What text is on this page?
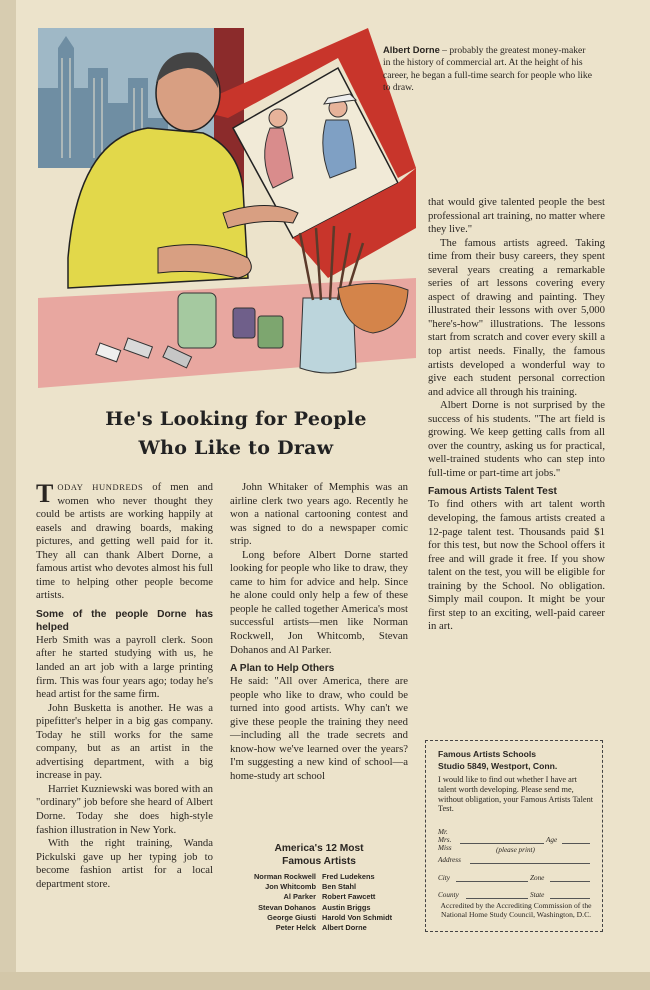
Albert Dorne – probably the greatest money-maker in the history of commercial art. At the height of his career, he began a full-time search for people who like to draw.
He's Looking for People
Who Like to Draw

TODAY HUNDREDS of men and women who never thought they could be artists are working happily at easels and drawing boards, making pictures, and getting well paid for it. They all can thank Albert Dorne, a famous artist who devotes almost his full time to helping other people become artists.

Some of the people Dorne has helped

Herb Smith was a payroll clerk. Soon after he started studying with us, he landed an art job with a large printing firm. This was four years ago; today he's head artist for the same firm.

John Busketta is another. He was a pipefitter's helper in a big gas company. Today he still works for the same company, but as an artist in the advertising department, with a big increase in pay.

Harriet Kuzniewski was bored with an "ordinary" job before she heard of Albert Dorne. Today she does high-style fashion illustration in New York.

With the right training, Wanda Pickulski gave up her typing job to become fashion artist for a local department store.

John Whitaker of Memphis was an airline clerk two years ago. Recently he won a national cartooning contest and was signed to do a newspaper comic strip.

Long before Albert Dorne started looking for people who like to draw, they came to him for advice and help. Since he alone could only help a few of these people he called together America's most successful artists—men like Norman Rockwell, Jon Whitcomb, Stevan Dohanos and Al Parker.

A Plan to Help Others

He said: "All over America, there are people who like to draw, who could be turned into good artists. Why can't we give these people the training they need—including all the trade secrets and know-how we've learned over the years? I'm suggesting a new kind of school—a home-study art school

America's 12 Most
Famous Artists
Norman Rockwell Fred Ludekens
Jon Whitcomb Ben Stahl
Al Parker Robert Fawcett
Stevan Dohanos Austin Briggs
George Giusti Harold Von Schmidt
Peter Helck Albert Dorne

that would give talented people the best professional art training, no matter where they live."

The famous artists agreed. Taking time from their busy careers, they spent several years creating a remarkable series of art lessons covering every aspect of drawing and painting. They illustrated their lessons with over 5,000 "here's-how" illustrations. The lessons start from scratch and cover every skill a top artist needs. Finally, the famous artists developed a wonderful way to give each student personal correction and advice all through his training.

Albert Dorne is not surprised by the success of his students. "The art field is growing. We keep getting calls from all over the country, asking us for practical, well-trained students who can step into full-time or part-time art jobs."

Famous Artists Talent Test

To find others with art talent worth developing, the famous artists created a 12-page talent test. Thousands paid $1 for this test, but now the School offers it free and will grade it free. If you show talent on the test, you will be eligible for training by the School. No obligation. Simply mail coupon. It might be your first step to an exciting, well-paid career in art.

Famous Artists Schools
Studio 5849, Westport, Conn.
I would like to find out whether I have art talent worth developing. Please send me, without obligation, your Famous Artists Talent Test.
Mr.
Mrs.
Miss
Age
(please print)
Address
City	Zone
County	State
Accredited by the Accrediting Commission of the National Home Study Council, Washington, D.C.
